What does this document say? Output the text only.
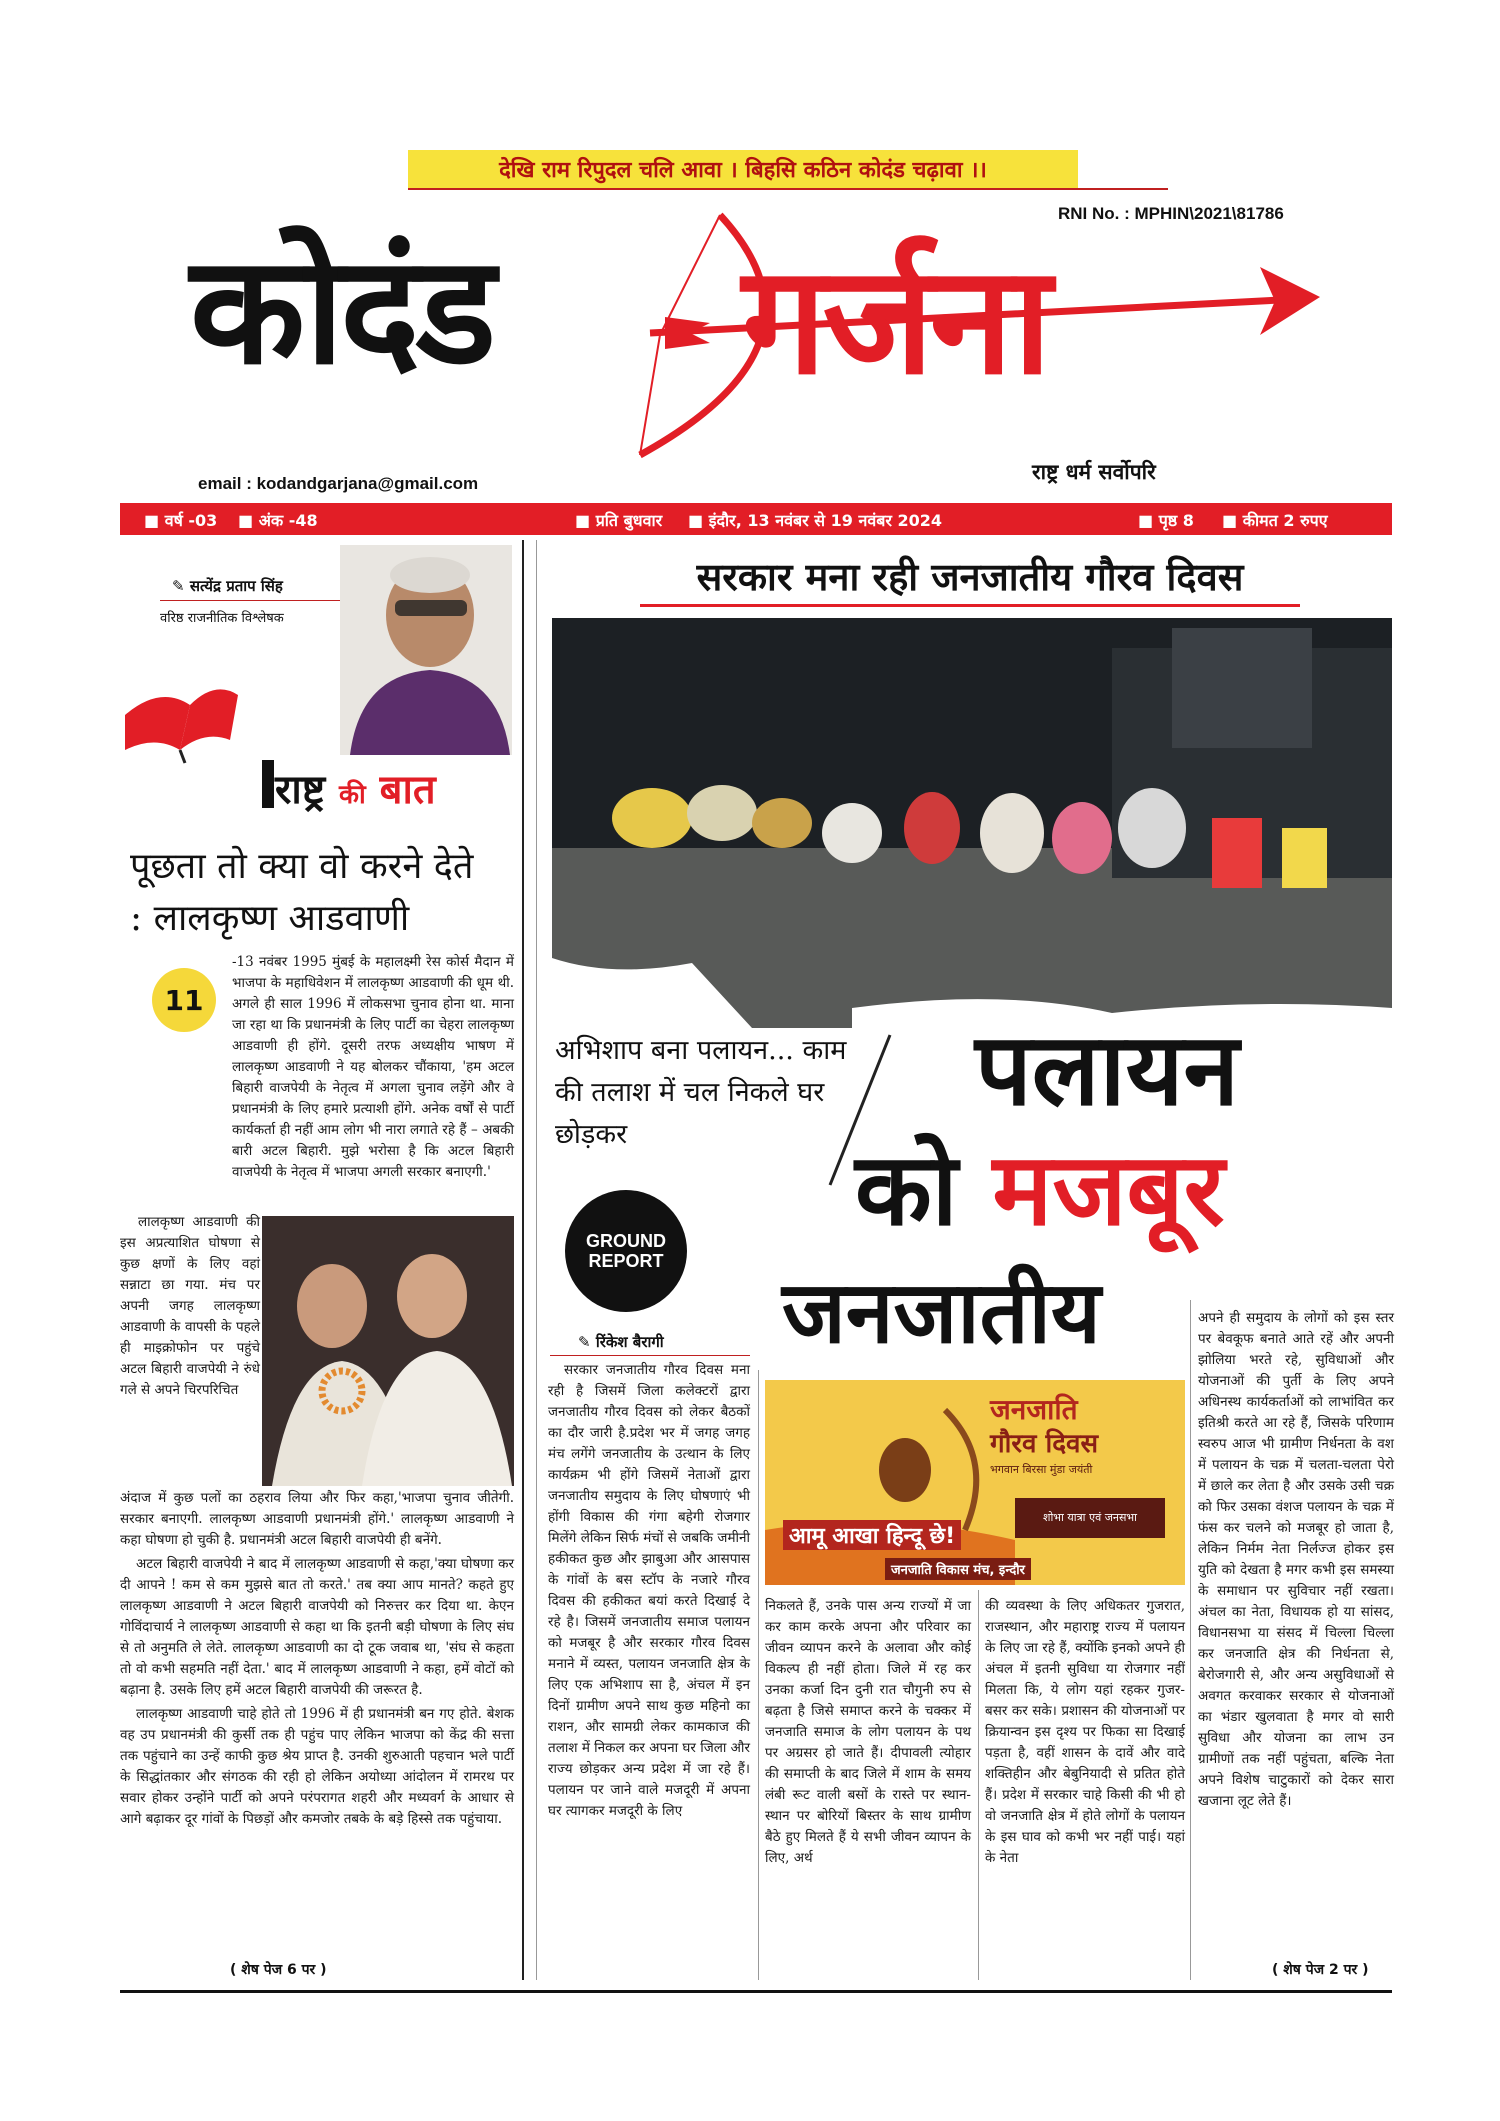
देखि राम रिपुदल चलि आवा । बिहसि कठिन कोदंड चढ़ावा ।।
RNI No. : MPHIN\2021\81786
कोदंड गर्जना
राष्ट्र धर्म सर्वोपरि
email : kodandgarjana@gmail.com
■ वर्ष -03 ■ अंक -48	■ प्रति बुधवार ■ इंदौर, 13 नवंबर से 19 नवंबर 2024	■ पृष्ठ 8 ■ कीमत 2 रुपए
✎ सत्येंद्र प्रताप सिंह
वरिष्ठ राजनीतिक विश्लेषक
राष्ट्र की बात
पूछता तो क्या वो करने देते
: लालकृष्ण आडवाणी
11

-13 नवंबर 1995 मुंबई के महालक्ष्मी रेस कोर्स मैदान में भाजपा के महाधिवेशन में लालकृष्ण आडवाणी की धूम थी. अगले ही साल 1996 में लोकसभा चुनाव होना था. माना जा रहा था कि प्रधानमंत्री के लिए पार्टी का चेहरा लालकृष्ण आडवाणी ही होंगे. दूसरी तरफ अध्यक्षीय भाषण में लालकृष्ण आडवाणी ने यह बोलकर चौंकाया, 'हम अटल बिहारी वाजपेयी के नेतृत्व में अगला चुनाव लड़ेंगे और वे प्रधानमंत्री के लिए हमारे प्रत्याशी होंगे. अनेक वर्षों से पार्टी कार्यकर्ता ही नहीं आम लोग भी नारा लगाते रहे हैं – अबकी बारी अटल बिहारी. मुझे भरोसा है कि अटल बिहारी वाजपेयी के नेतृत्व में भाजपा अगली सरकार बनाएगी.'

लालकृष्ण आडवाणी की इस अप्रत्याशित घोषणा से कुछ क्षणों के लिए वहां सन्नाटा छा गया. मंच पर अपनी जगह लालकृष्ण आडवाणी के वापसी के पहले ही माइक्रोफोन पर पहुंचे अटल बिहारी वाजपेयी ने रुंधे गले से अपने चिरपरिचित

अंदाज में कुछ पलों का ठहराव लिया और फिर कहा,'भाजपा चुनाव जीतेगी. सरकार बनाएगी. लालकृष्ण आडवाणी प्रधानमंत्री होंगे.' लालकृष्ण आडवाणी ने कहा घोषणा हो चुकी है. प्रधानमंत्री अटल बिहारी वाजपेयी ही बनेंगे.

अटल बिहारी वाजपेयी ने बाद में लालकृष्ण आडवाणी से कहा,'क्या घोषणा कर दी आपने ! कम से कम मुझसे बात तो करते.' तब क्या आप मानते? कहते हुए लालकृष्ण आडवाणी ने अटल बिहारी वाजपेयी को निरुत्तर कर दिया था. केएन गोविंदाचार्य ने लालकृष्ण आडवाणी से कहा था कि इतनी बड़ी घोषणा के लिए संघ से तो अनुमति ले लेते. लालकृष्ण आडवाणी का दो टूक जवाब था, 'संघ से कहता तो वो कभी सहमति नहीं देता.' बाद में लालकृष्ण आडवाणी ने कहा, हमें वोटों को बढ़ाना है. उसके लिए हमें अटल बिहारी वाजपेयी की जरूरत है.

लालकृष्ण आडवाणी चाहे होते तो 1996 में ही प्रधानमंत्री बन गए होते. बेशक वह उप प्रधानमंत्री की कुर्सी तक ही पहुंच पाए लेकिन भाजपा को केंद्र की सत्ता तक पहुंचाने का उन्हें काफी कुछ श्रेय प्राप्त है. उनकी शुरुआती पहचान भले पार्टी के सिद्धांतकार और संगठक की रही हो लेकिन अयोध्या आंदोलन में रामरथ पर सवार होकर उन्होंने पार्टी को अपने परंपरागत शहरी और मध्यवर्ग के आधार से आगे बढ़ाकर दूर गांवों के पिछड़ों और कमजोर तबके के बड़े हिस्से तक पहुंचाया.

( शेष पेज 6 पर )
सरकार मना रही जनजातीय गौरव दिवस
अभिशाप बना पलायन... काम की तलाश में चल निकले घर छोड़कर
पलायन
को मजबूर
जनजातीय
GROUND
REPORT
✎ रिंकेश बैरागी
जनजाति
गौरव दिवस
भगवान बिरसा मुंडा जयंती
शोभा यात्रा एवं जनसभा
आमू आखा हिन्दू छे!
जनजाति विकास मंच, इन्दौर

सरकार जनजातीय गौरव दिवस मना रही है जिसमें जिला कलेक्टरों द्वारा जनजातीय गौरव दिवस को लेकर बैठकों का दौर जारी है.प्रदेश भर में जगह जगह मंच लगेंगे जनजातीय के उत्थान के लिए कार्यक्रम भी होंगे जिसमें नेताओं द्वारा जनजातीय समुदाय के लिए घोषणाएं भी होंगी विकास की गंगा बहेगी रोजगार मिलेंगे लेकिन सिर्फ मंचों से जबकि जमीनी हकीकत कुछ और झाबुआ और आसपास के गांवों के बस स्टॉप के नजारे गौरव दिवस की हकीकत बयां करते दिखाई दे रहे है। जिसमें जनजातीय समाज पलायन को मजबूर है और सरकार गौरव दिवस मनाने में व्यस्त, पलायन जनजाति क्षेत्र के लिए एक अभिशाप सा है, अंचल में इन दिनों ग्रामीण अपने साथ कुछ महिनो का राशन, और सामग्री लेकर कामकाज की तलाश में निकल कर अपना घर जिला और राज्य छोड़कर अन्य प्रदेश में जा रहे हैं। पलायन पर जाने वाले मजदूरी में अपना घर त्यागकर मजदूरी के लिए

निकलते हैं, उनके पास अन्य राज्यों में जा कर काम करके अपना और परिवार का जीवन व्यापन करने के अलावा और कोई विकल्प ही नहीं होता। जिले में रह कर उनका कर्जा दिन दुनी रात चौगुनी रुप से बढ़ता है जिसे समाप्त करने के चक्कर में जनजाति समाज के लोग पलायन के पथ पर अग्रसर हो जाते हैं। दीपावली त्योहार की समाप्ती के बाद जिले में शाम के समय लंबी रूट वाली बसों के रास्ते पर स्थान-स्थान पर बोरियों बिस्तर के साथ ग्रामीण बैठे हुए मिलते हैं ये सभी जीवन व्यापन के लिए, अर्थ

की व्यवस्था के लिए अधिकतर गुजरात, राजस्थान, और महाराष्ट्र राज्य में पलायन के लिए जा रहे हैं, क्योंकि इनको अपने ही अंचल में इतनी सुविधा या रोजगार नहीं मिलता कि, ये लोग यहां रहकर गुजर-बसर कर सके। प्रशासन की योजनाओं पर क्रियान्वन इस दृश्य पर फिका सा दिखाई पड़ता है, वहीं शासन के दावें और वादे शक्तिहीन और बेबुनियादी से प्रतित होते हैं। प्रदेश में सरकार चाहे किसी की भी हो वो जनजाति क्षेत्र में होते लोगों के पलायन के इस घाव को कभी भर नहीं पाई। यहां के नेता

अपने ही समुदाय के लोगों को इस स्तर पर बेवकूफ बनाते आते रहें और अपनी झोलिया भरते रहे, सुविधाओं और योजनाओं की पुर्ती के लिए अपने अधिनस्थ कार्यकर्ताओं को लाभांवित कर इतिश्री करते आ रहे हैं, जिसके परिणाम स्वरुप आज भी ग्रामीण निर्धनता के वश में पलायन के चक्र में चलता-चलता पेरो में छाले कर लेता है और उसके उसी चक्र को फिर उसका वंशज पलायन के चक्र में फंस कर चलने को मजबूर हो जाता है, लेकिन निर्मम नेता निर्लज्ज होकर इस युति को देखता है मगर कभी इस समस्या के समाधान पर सुविचार नहीं रखता। अंचल का नेता, विधायक हो या सांसद, विधानसभा या संसद में चिल्ला चिल्ला कर जनजाति क्षेत्र की निर्धनता से, बेरोजगारी से, और अन्य असुविधाओं से अवगत करवाकर सरकार से योजनाओं का भंडार खुलवाता है मगर वो सारी सुविधा और योजना का लाभ उन ग्रामीणों तक नहीं पहुंचता, बल्कि नेता अपने विशेष चाटुकारों को देकर सारा खजाना लूट लेते हैं।

( शेष पेज 2 पर )
